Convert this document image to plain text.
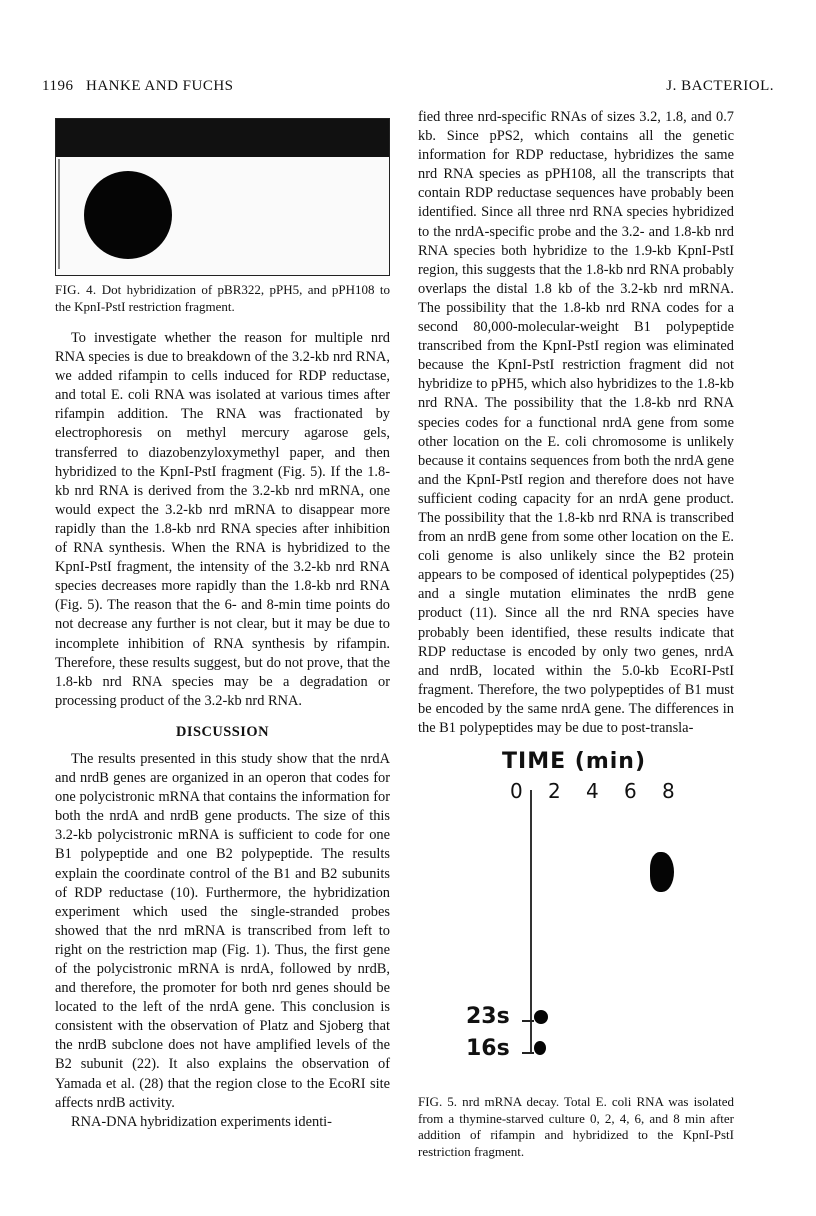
1196 HANKE AND FUCHS	J. BACTERIOL.
FIG. 4. Dot hybridization of pBR322, pPH5, and pPH108 to the KpnI-PstI restriction fragment.

To investigate whether the reason for multiple nrd RNA species is due to breakdown of the 3.2-kb nrd RNA, we added rifampin to cells induced for RDP reductase, and total E. coli RNA was isolated at various times after rifampin addition. The RNA was fractionated by electrophoresis on methyl mercury agarose gels, transferred to diazobenzyloxymethyl paper, and then hybridized to the KpnI-PstI fragment (Fig. 5). If the 1.8-kb nrd RNA is derived from the 3.2-kb nrd mRNA, one would expect the 3.2-kb nrd mRNA to disappear more rapidly than the 1.8-kb nrd RNA species after inhibition of RNA synthesis. When the RNA is hybridized to the KpnI-PstI fragment, the intensity of the 3.2-kb nrd RNA species decreases more rapidly than the 1.8-kb nrd RNA (Fig. 5). The reason that the 6- and 8-min time points do not decrease any further is not clear, but it may be due to incomplete inhibition of RNA synthesis by rifampin. Therefore, these results suggest, but do not prove, that the 1.8-kb nrd RNA species may be a degradation or processing product of the 3.2-kb nrd RNA.

DISCUSSION

The results presented in this study show that the nrdA and nrdB genes are organized in an operon that codes for one polycistronic mRNA that contains the information for both the nrdA and nrdB gene products. The size of this 3.2-kb polycistronic mRNA is sufficient to code for one B1 polypeptide and one B2 polypeptide. The results explain the coordinate control of the B1 and B2 subunits of RDP reductase (10). Furthermore, the hybridization experiment which used the single-stranded probes showed that the nrd mRNA is transcribed from left to right on the restriction map (Fig. 1). Thus, the first gene of the polycistronic mRNA is nrdA, followed by nrdB, and therefore, the promoter for both nrd genes should be located to the left of the nrdA gene. This conclusion is consistent with the observation of Platz and Sjoberg that the nrdB subclone does not have amplified levels of the B2 subunit (22). It also explains the observation of Yamada et al. (28) that the region close to the EcoRI site affects nrdB activity.

RNA-DNA hybridization experiments identi-

fied three nrd-specific RNAs of sizes 3.2, 1.8, and 0.7 kb. Since pPS2, which contains all the genetic information for RDP reductase, hybridizes the same nrd RNA species as pPH108, all the transcripts that contain RDP reductase sequences have probably been identified. Since all three nrd RNA species hybridized to the nrdA-specific probe and the 3.2- and 1.8-kb nrd RNA species both hybridize to the 1.9-kb KpnI-PstI region, this suggests that the 1.8-kb nrd RNA probably overlaps the distal 1.8 kb of the 3.2-kb nrd mRNA. The possibility that the 1.8-kb nrd RNA codes for a second 80,000-molecular-weight B1 polypeptide transcribed from the KpnI-PstI region was eliminated because the KpnI-PstI restriction fragment did not hybridize to pPH5, which also hybridizes to the 1.8-kb nrd RNA. The possibility that the 1.8-kb nrd RNA species codes for a functional nrdA gene from some other location on the E. coli chromosome is unlikely because it contains sequences from both the nrdA gene and the KpnI-PstI region and therefore does not have sufficient coding capacity for an nrdA gene product. The possibility that the 1.8-kb nrd RNA is transcribed from an nrdB gene from some other location on the E. coli genome is also unlikely since the B2 protein appears to be composed of identical polypeptides (25) and a single mutation eliminates the nrdB gene product (11). Since all the nrd RNA species have probably been identified, these results indicate that RDP reductase is encoded by only two genes, nrdA and nrdB, located within the 5.0-kb EcoRI-PstI fragment. Therefore, the two polypeptides of B1 must be encoded by the same nrdA gene. The differences in the B1 polypeptides may be due to post-transla-

TIME (min)
0 2 4 6 8
23s
16s
FIG. 5. nrd mRNA decay. Total E. coli RNA was isolated from a thymine-starved culture 0, 2, 4, 6, and 8 min after addition of rifampin and hybridized to the KpnI-PstI restriction fragment.
